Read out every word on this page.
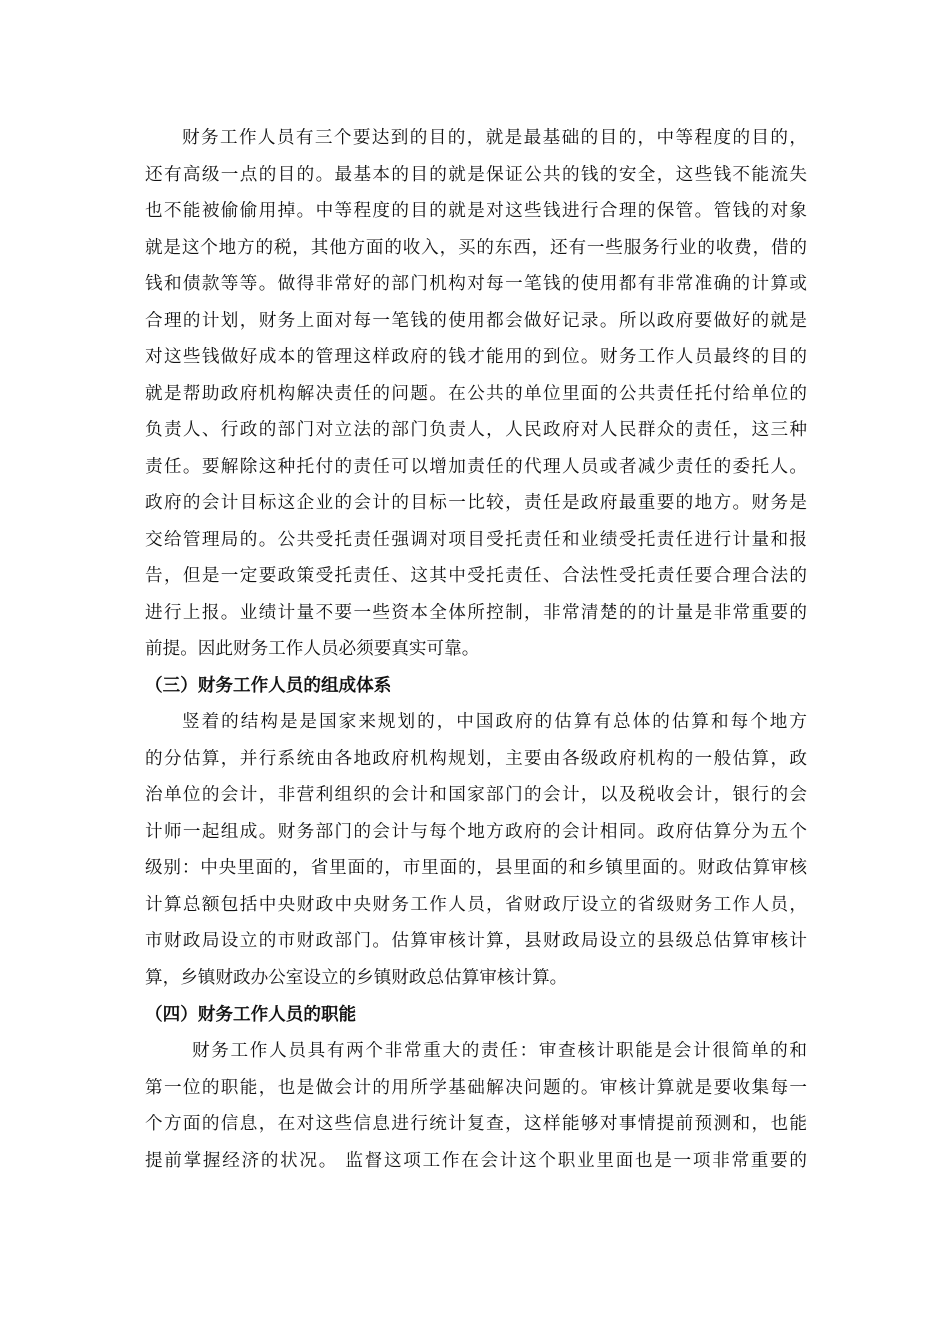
财务工作人员有三个要达到的目的，就是最基础的目的，中等程度的目的，
还有高级一点的目的。最基本的目的就是保证公共的钱的安全，这些钱不能流失
也不能被偷偷用掉。中等程度的目的就是对这些钱进行合理的保管。管钱的对象
就是这个地方的税，其他方面的收入，买的东西，还有一些服务行业的收费，借的
钱和债款等等。做得非常好的部门机构对每一笔钱的使用都有非常准确的计算或
合理的计划，财务上面对每一笔钱的使用都会做好记录。所以政府要做好的就是
对这些钱做好成本的管理这样政府的钱才能用的到位。财务工作人员最终的目的
就是帮助政府机构解决责任的问题。在公共的单位里面的公共责任托付给单位的
负责人、行政的部门对立法的部门负责人，人民政府对人民群众的责任，这三种
责任。要解除这种托付的责任可以增加责任的代理人员或者减少责任的委托人。
政府的会计目标这企业的会计的目标一比较，责任是政府最重要的地方。财务是
交给管理局的。公共受托责任强调对项目受托责任和业绩受托责任进行计量和报
告，但是一定要政策受托责任、这其中受托责任、合法性受托责任要合理合法的
进行上报。业绩计量不要一些资本全体所控制，非常清楚的的计量是非常重要的
前提。因此财务工作人员必须要真实可靠。
（三）财务工作人员的组成体系
竖着的结构是是国家来规划的，中国政府的估算有总体的估算和每个地方
的分估算，并行系统由各地政府机构规划，主要由各级政府机构的一般估算，政
治单位的会计，非营利组织的会计和国家部门的会计，以及税收会计，银行的会
计师一起组成。财务部门的会计与每个地方政府的会计相同。政府估算分为五个
级别：中央里面的，省里面的，市里面的，县里面的和乡镇里面的。财政估算审核
计算总额包括中央财政中央财务工作人员，省财政厅设立的省级财务工作人员，
市财政局设立的市财政部门。估算审核计算，县财政局设立的县级总估算审核计
算，乡镇财政办公室设立的乡镇财政总估算审核计算。
（四）财务工作人员的职能
财务工作人员具有两个非常重大的责任：审查核计职能是会计很简单的和
第一位的职能，也是做会计的用所学基础解决问题的。审核计算就是要收集每一
个方面的信息，在对这些信息进行统计复查，这样能够对事情提前预测和，也能
提前掌握经济的状况。 监督这项工作在会计这个职业里面也是一项非常重要的
